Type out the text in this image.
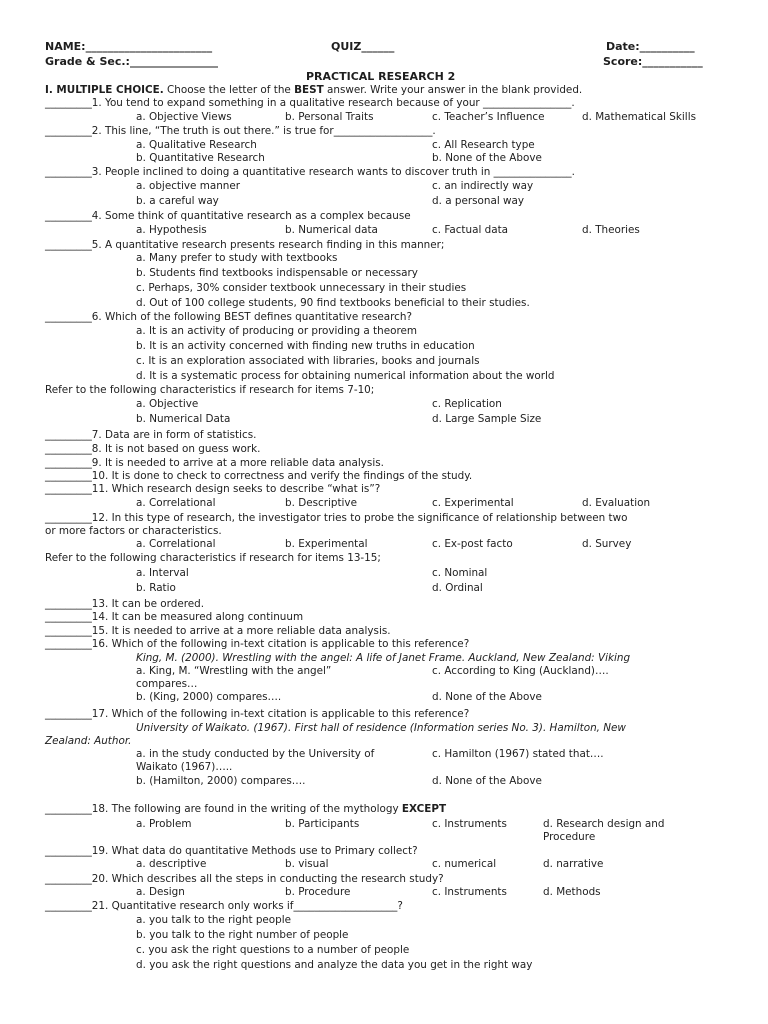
NAME:_______________________	QUIZ______	Date:__________
Grade & Sec.:________________	Score:___________
PRACTICAL RESEARCH 2
I. MULTIPLE CHOICE. Choose the letter of the BEST answer. Write your answer in the blank provided.
_________1. You tend to expand something in a qualitative research because of your _________________.
a. Objective Views	b. Personal Traits	c. Teacher’s Influence	d. Mathematical Skills
_________2. This line, “The truth is out there.” is true for___________________.
a. Qualitative Research	c. All Research type
b. Quantitative Research	b. None of the Above
_________3. People inclined to doing a quantitative research wants to discover truth in _______________.
a. objective manner	c. an indirectly way
b. a careful way	d. a personal way
_________4. Some think of quantitative research as a complex because
a. Hypothesis	b. Numerical data	c. Factual data	d. Theories
_________5. A quantitative research presents research finding in this manner;
a. Many prefer to study with textbooks
b. Students find textbooks indispensable or necessary
c. Perhaps, 30% consider textbook unnecessary in their studies
d. Out of 100 college students, 90 find textbooks beneficial to their studies.
_________6. Which of the following BEST defines quantitative research?
a. It is an activity of producing or providing a theorem
b. It is an activity concerned with finding new truths in education
c. It is an exploration associated with libraries, books and journals
d. It is a systematic process for obtaining numerical information about the world
Refer to the following characteristics if research for items 7-10;
a. Objective	c. Replication
b. Numerical Data	d. Large Sample Size
_________7. Data are in form of statistics.
_________8. It is not based on guess work.
_________9. It is needed to arrive at a more reliable data analysis.
_________10. It is done to check to correctness and verify the findings of the study.
_________11. Which research design seeks to describe “what is”?
a. Correlational	b. Descriptive	c. Experimental	d. Evaluation
_________12. In this type of research, the investigator tries to probe the significance of relationship between two
or more factors or characteristics.
a. Correlational	b. Experimental	c. Ex-post facto	d. Survey
Refer to the following characteristics if research for items 13-15;
a. Interval	c. Nominal
b. Ratio	d. Ordinal
_________13. It can be ordered.
_________14. It can be measured along continuum
_________15. It is needed to arrive at a more reliable data analysis.
_________16. Which of the following in-text citation is applicable to this reference?
King, M. (2000). Wrestling with the angel: A life of Janet Frame. Auckland, New Zealand: Viking
a. King, M. “Wrestling with the angel”	c. According to King (Auckland)….
compares…
b. (King, 2000) compares….	d. None of the Above
_________17. Which of the following in-text citation is applicable to this reference?
University of Waikato. (1967). First hall of residence (Information series No. 3). Hamilton, New
Zealand: Author.
a. in the study conducted by the University of	c. Hamilton (1967) stated that….
Waikato (1967)…..
b. (Hamilton, 2000) compares….	d. None of the Above
_________18. The following are found in the writing of the mythology EXCEPT
a. Problem	b. Participants	c. Instruments	d. Research design and
Procedure
_________19. What data do quantitative Methods use to Primary collect?
a. descriptive	b. visual	c. numerical	d. narrative
_________20. Which describes all the steps in conducting the research study?
a. Design	b. Procedure	c. Instruments	d. Methods
_________21. Quantitative research only works if____________________?
a. you talk to the right people
b. you talk to the right number of people
c. you ask the right questions to a number of people
d. you ask the right questions and analyze the data you get in the right way
